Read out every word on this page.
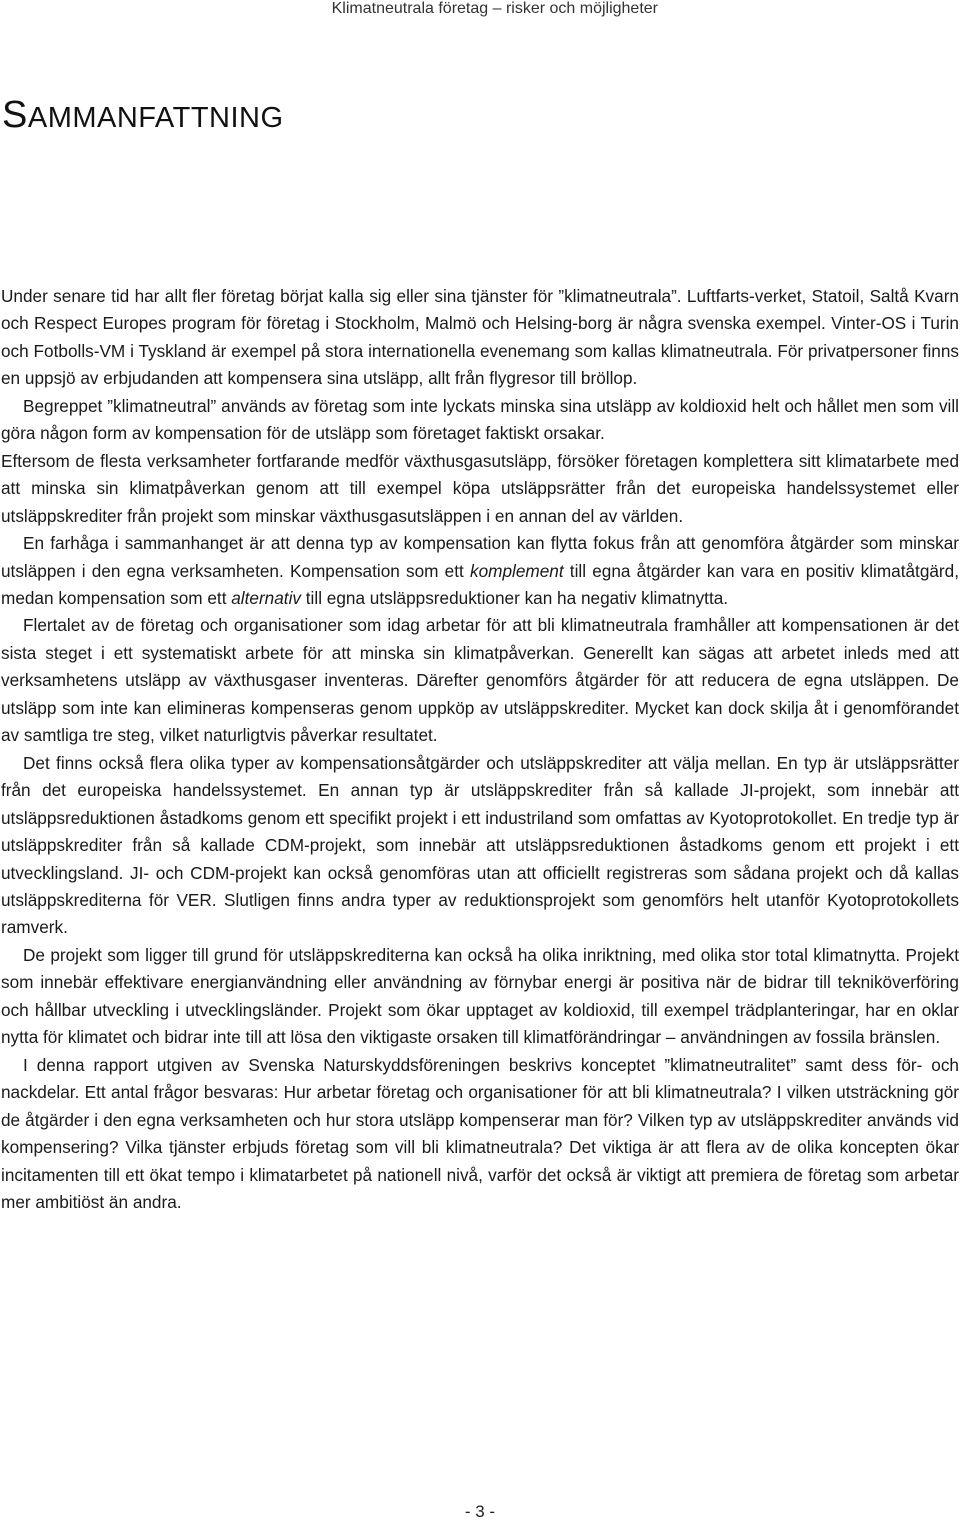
Klimatneutrala företag – risker och möjligheter
SAMMANFATTNING

Under senare tid har allt fler företag börjat kalla sig eller sina tjänster för ”klimatneutrala”. Luftfarts-verket, Statoil, Saltå Kvarn och Respect Europes program för företag i Stockholm, Malmö och Helsing-borg är några svenska exempel. Vinter-OS i Turin och Fotbolls-VM i Tyskland är exempel på stora internationella evenemang som kallas klimatneutrala. För privatpersoner finns en uppsjö av erbjudanden att kompensera sina utsläpp, allt från flygresor till bröllop.

Begreppet ”klimatneutral” används av företag som inte lyckats minska sina utsläpp av koldioxid helt och hållet men som vill göra någon form av kompensation för de utsläpp som företaget faktiskt orsakar.

Eftersom de flesta verksamheter fortfarande medför växthusgasutsläpp, försöker företagen komplettera sitt klimatarbete med att minska sin klimatpåverkan genom att till exempel köpa utsläppsrätter från det europeiska handelssystemet eller utsläppskrediter från projekt som minskar växthusgasutsläppen i en annan del av världen.

En farhåga i sammanhanget är att denna typ av kompensation kan flytta fokus från att genomföra åtgärder som minskar utsläppen i den egna verksamheten. Kompensation som ett komplement till egna åtgärder kan vara en positiv klimatåtgärd, medan kompensation som ett alternativ till egna utsläppsreduktioner kan ha negativ klimatnytta.

Flertalet av de företag och organisationer som idag arbetar för att bli klimatneutrala framhåller att kompensationen är det sista steget i ett systematiskt arbete för att minska sin klimatpåverkan. Generellt kan sägas att arbetet inleds med att verksamhetens utsläpp av växthusgaser inventeras. Därefter genomförs åtgärder för att reducera de egna utsläppen. De utsläpp som inte kan elimineras kompenseras genom uppköp av utsläppskrediter. Mycket kan dock skilja åt i genomförandet av samtliga tre steg, vilket naturligtvis påverkar resultatet.

Det finns också flera olika typer av kompensationsåtgärder och utsläppskrediter att välja mellan. En typ är utsläppsrätter från det europeiska handelssystemet. En annan typ är utsläppskrediter från så kallade JI-projekt, som innebär att utsläppsreduktionen åstadkoms genom ett specifikt projekt i ett industriland som omfattas av Kyotoprotokollet. En tredje typ är utsläppskrediter från så kallade CDM-projekt, som innebär att utsläppsreduktionen åstadkoms genom ett projekt i ett utvecklingsland. JI- och CDM-projekt kan också genomföras utan att officiellt registreras som sådana projekt och då kallas utsläppskrediterna för VER. Slutligen finns andra typer av reduktionsprojekt som genomförs helt utanför Kyotoprotokollets ramverk.

De projekt som ligger till grund för utsläppskrediterna kan också ha olika inriktning, med olika stor total klimatnytta. Projekt som innebär effektivare energianvändning eller användning av förnybar energi är positiva när de bidrar till tekniköverföring och hållbar utveckling i utvecklingsländer. Projekt som ökar upptaget av koldioxid, till exempel trädplanteringar, har en oklar nytta för klimatet och bidrar inte till att lösa den viktigaste orsaken till klimatförändringar – användningen av fossila bränslen.

I denna rapport utgiven av Svenska Naturskyddsföreningen beskrivs konceptet ”klimatneutralitet” samt dess för- och nackdelar. Ett antal frågor besvaras: Hur arbetar företag och organisationer för att bli klimatneutrala? I vilken utsträckning gör de åtgärder i den egna verksamheten och hur stora utsläpp kompenserar man för? Vilken typ av utsläppskrediter används vid kompensering? Vilka tjänster erbjuds företag som vill bli klimatneutrala? Det viktiga är att flera av de olika koncepten ökar incitamenten till ett ökat tempo i klimatarbetet på nationell nivå, varför det också är viktigt att premiera de företag som arbetar mer ambitiöst än andra.

- 3 -
